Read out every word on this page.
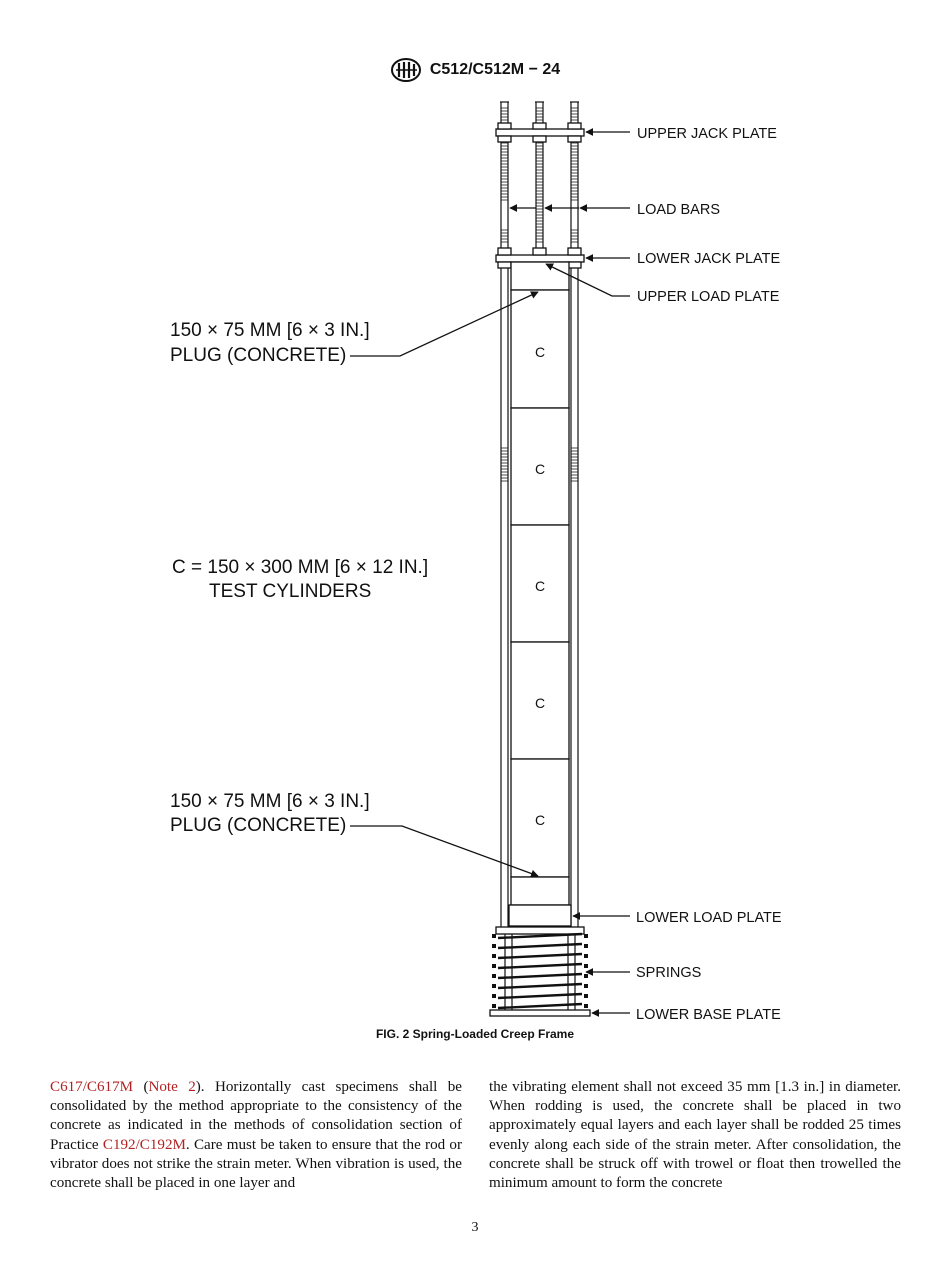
C512/C512M − 24
C
C
C
C
C
UPPER JACK PLATE
LOAD BARS
LOWER JACK PLATE
UPPER LOAD PLATE
LOWER LOAD PLATE
SPRINGS
LOWER BASE PLATE
150 × 75 MM [6 × 3 IN.]
PLUG (CONCRETE)
C = 150 × 300 MM [6 × 12 IN.]
TEST CYLINDERS
150 × 75 MM [6 × 3 IN.]
PLUG (CONCRETE)
FIG. 2 Spring-Loaded Creep Frame

C617/C617M (Note 2). Horizontally cast specimens shall be consolidated by the method appropriate to the consistency of the concrete as indicated in the methods of consolidation section of Practice C192/C192M. Care must be taken to ensure that the rod or vibrator does not strike the strain meter. When vibration is used, the concrete shall be placed in one layer and

the vibrating element shall not exceed 35 mm [1.3 in.] in diameter. When rodding is used, the concrete shall be placed in two approximately equal layers and each layer shall be rodded 25 times evenly along each side of the strain meter. After consolidation, the concrete shall be struck off with trowel or float then trowelled the minimum amount to form the concrete

3
